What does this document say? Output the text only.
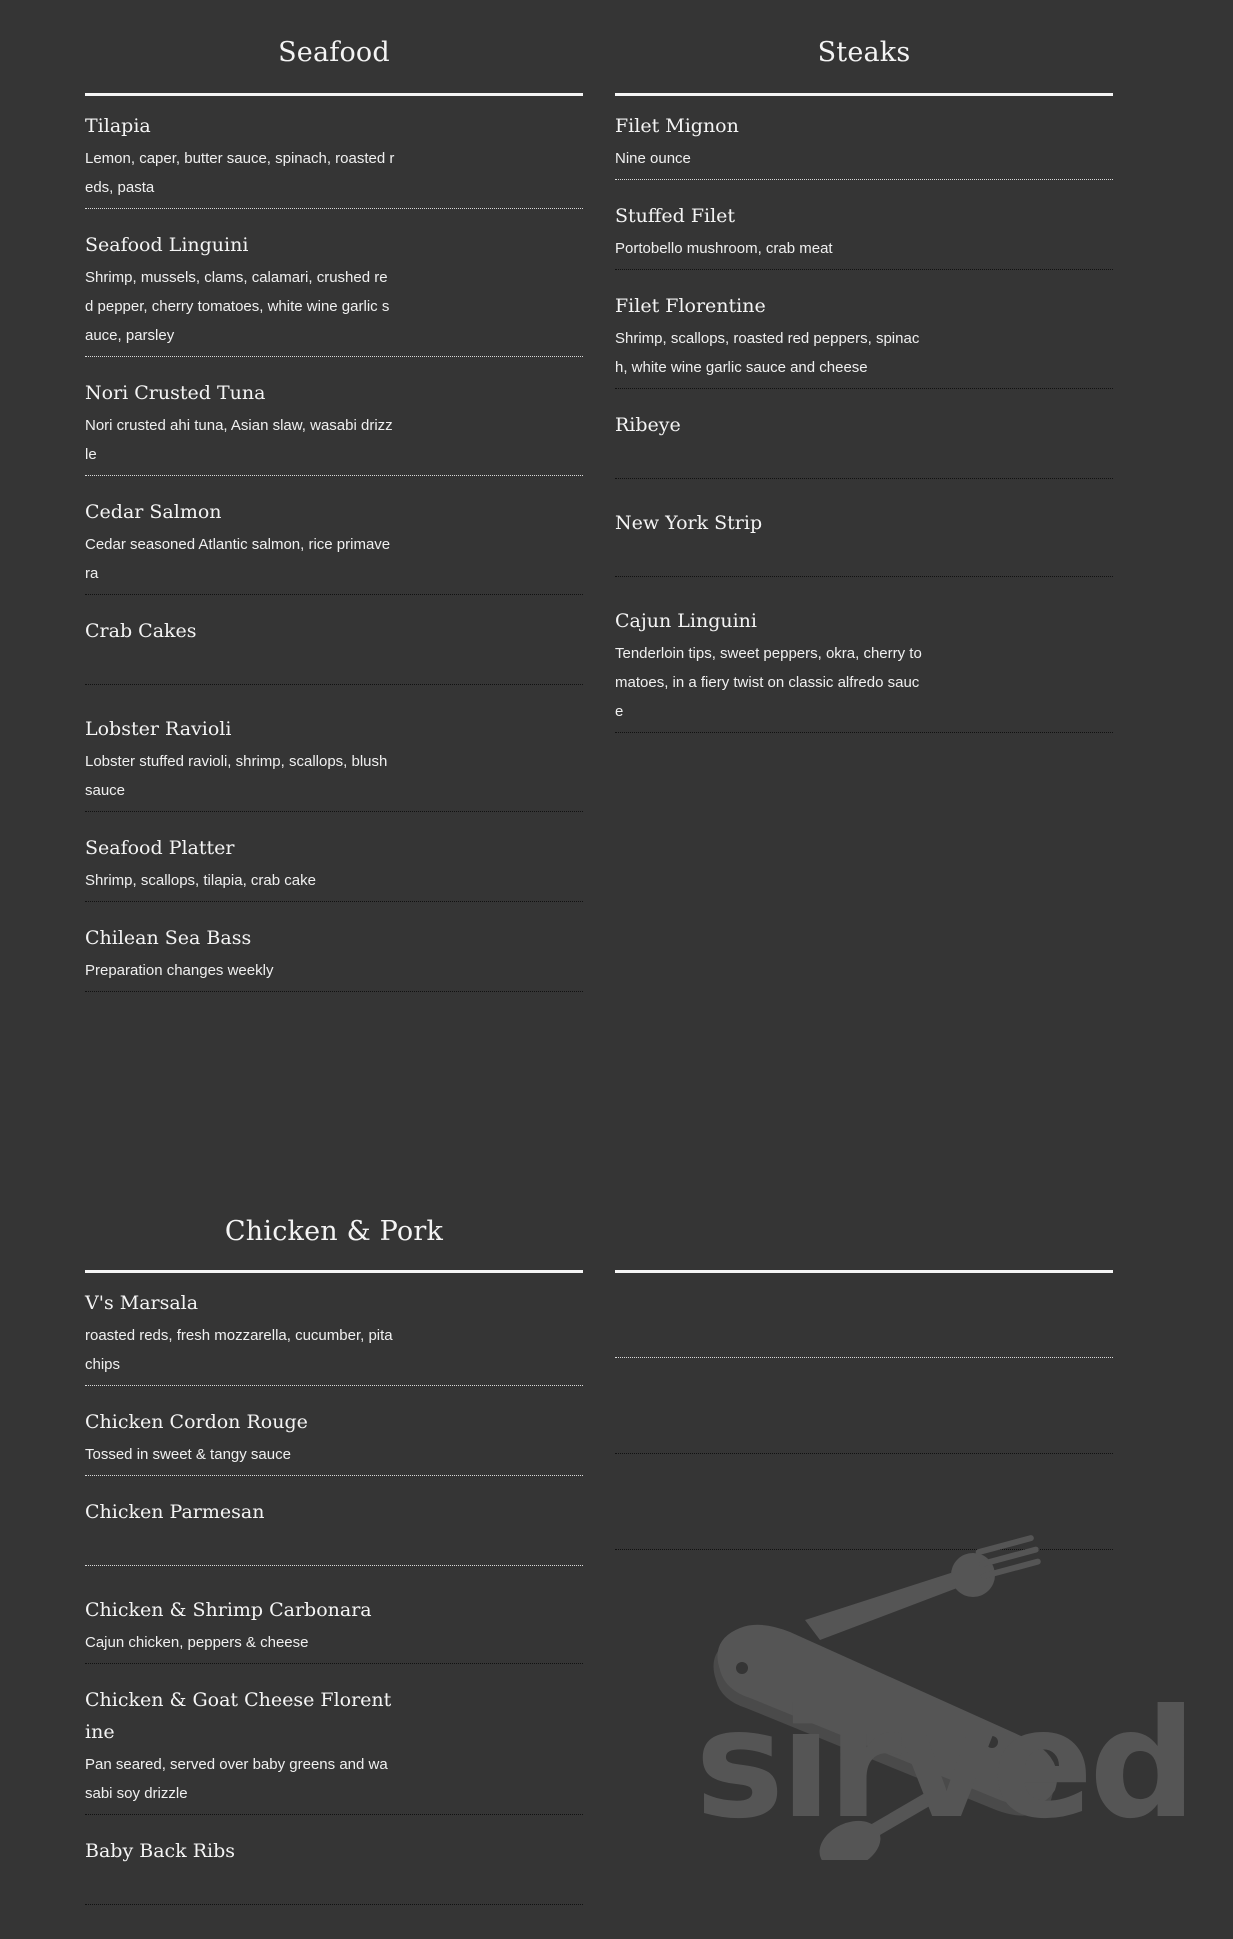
Seafood
Tilapia
Lemon, caper, butter sauce, spinach, roasted reds, pasta
Seafood Linguini
Shrimp, mussels, clams, calamari, crushed red pepper, cherry tomatoes, white wine garlic sauce, parsley
Nori Crusted Tuna
Nori crusted ahi tuna, Asian slaw, wasabi drizzle
Cedar Salmon
Cedar seasoned Atlantic salmon, rice primavera
Crab Cakes
Lobster Ravioli
Lobster stuffed ravioli, shrimp, scallops, blush sauce
Seafood Platter
Shrimp, scallops, tilapia, crab cake
Chilean Sea Bass
Preparation changes weekly
Steaks
Filet Mignon
Nine ounce
Stuffed Filet
Portobello mushroom, crab meat
Filet Florentine
Shrimp, scallops, roasted red peppers, spinach, white wine garlic sauce and cheese
Ribeye
New York Strip
Cajun Linguini
Tenderloin tips, sweet peppers, okra, cherry tomatoes, in a fiery twist on classic alfredo sauce
Chicken & Pork
V's Marsala
roasted reds, fresh mozzarella, cucumber, pita chips
Chicken Cordon Rouge
Tossed in sweet & tangy sauce
Chicken Parmesan
Chicken & Shrimp Carbonara
Cajun chicken, peppers & cheese
Chicken & Goat Cheese Florentine
Pan seared, served over baby greens and wasabi soy drizzle
Baby Back Ribs	sirved
